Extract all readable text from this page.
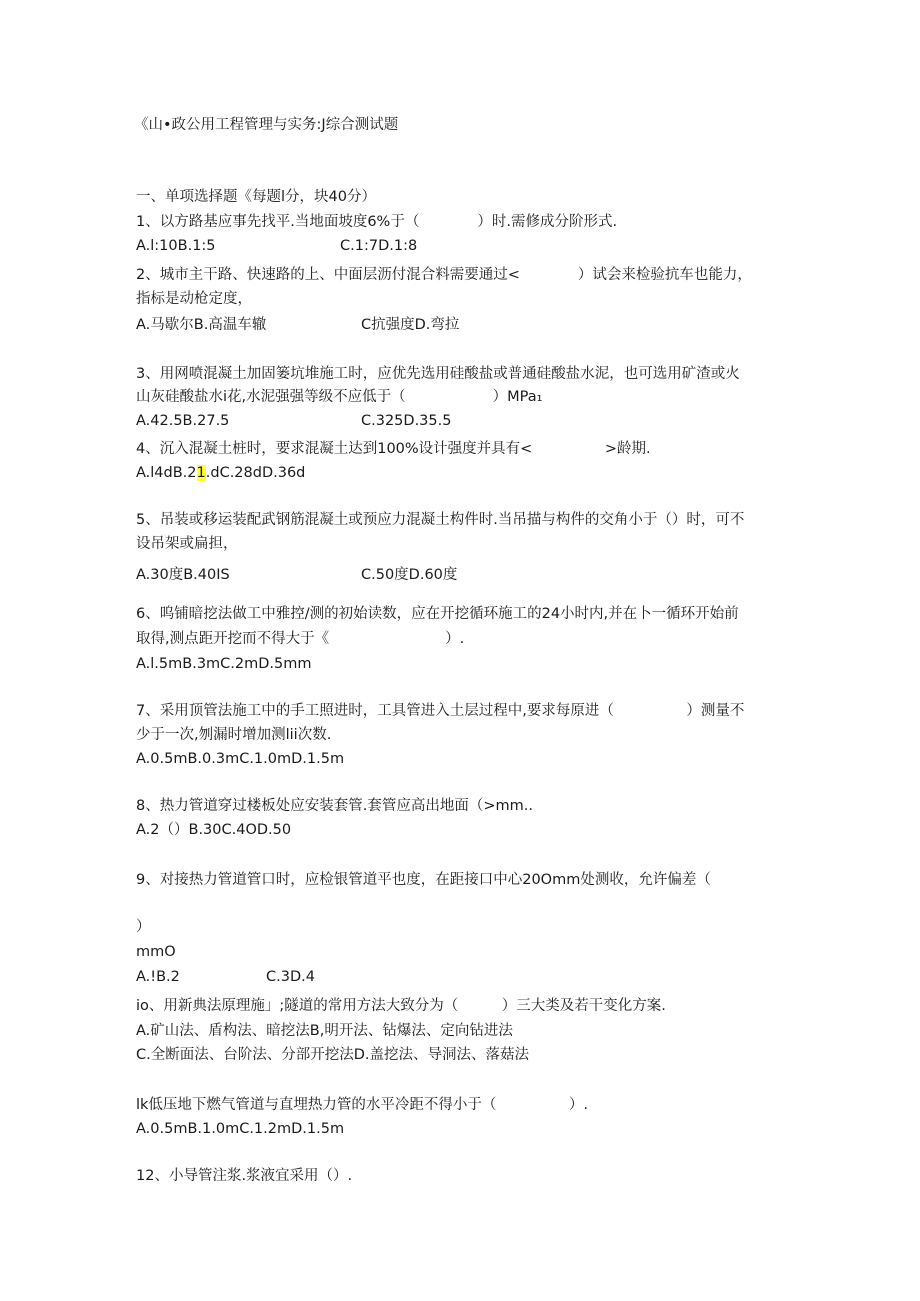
《山•政公用工程管理与实务:J综合测试题
一、单项选择题《每题l分，块40分）
1、以方路基应事先找平.当地面坡度6%于（　　　　）时.需修成分阶形式.
A.l:10B.1:5	C.1:7D.1:8
2、城市主干路、快速路的上、中面层沥付混合料需要通过<　　　　）试会来检验抗车也能力，
指标是动枪定度，
A.马歇尔B.高温车辙	C抗强度D.弯拉
3、用网喷混凝土加固篓坑堆施工时，应优先选用硅酸盐或普通硅酸盐水泥，也可选用矿渣或火
山灰硅酸盐水i花,水泥强强等级不应低于（　　　　　　）MPa₁
A.42.5B.27.5	C.325D.35.5
4、沉入混凝土桩时，要求混凝土达到100%设计强度并具有<　　　　　>龄期.
A.l4dB.21.dC.28dD.36d
5、吊装或移运装配武钢筋混凝土或预应力混凝土构件时.当吊描与构件的交角小于（）时，可不
设吊架或扁担，
A.30度B.40IS	C.50度D.60度
6、呜铺暗挖法做工中雅控/测的初始读数，应在开挖循环施工的24小时内,并在卜一循环开始前
取得,测点距开挖而不得大于《　　　　　　　　）.
A.l.5mB.3mC.2mD.5mm
7、采用顶管法施工中的手工照进时，工具管进入土层过程中,要求每原进（　　　　　）测量不
少于一次,刎漏时增加测lii次数.
A.0.5mB.0.3mC.1.0mD.1.5m
8、热力管道穿过楼板处应安装套管.套管应高出地面（>mm..
A.2（）B.30C.4OD.50
9、对接热力管道管口时，应检银管道平也度，在距接口中心20Omm处测收，允许偏差（
）
mmO
A.!B.2	C.3D.4
io、用新典法原理施」;隧道的常用方法大致分为（　　　）三大类及若干变化方案.
A.矿山法、盾构法、暗挖法B,明开法、钻爆法、定向钻进法
C.全断面法、台阶法、分部开挖法D.盖挖法、导洞法、落菇法
lk低压地下燃气管道与直埋热力管的水平冷距不得小于（　　　　　）.
A.0.5mB.1.0mC.1.2mD.1.5m
12、小导管注浆.浆液宜采用（）.
